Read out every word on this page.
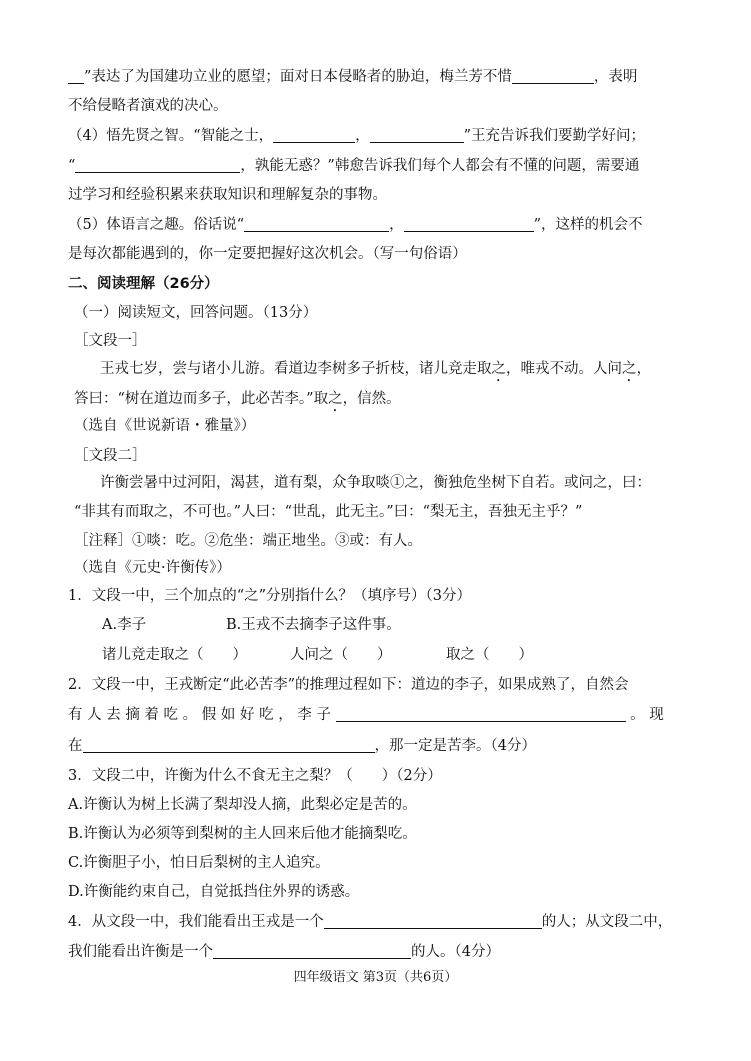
”表达了为国建功立业的愿望；面对日本侵略者的胁迫，梅兰芳不惜	，表明
不给侵略者演戏的决心。
（4）悟先贤之智。“智能之士，	，	”王充告诉我们要勤学好问；
“	，孰能无惑？”韩愈告诉我们每个人都会有不懂的问题，需要通
过学习和经验积累来获取知识和理解复杂的事物。
（5）体语言之趣。俗话说“	，	”，这样的机会不
是每次都能遇到的，你一定要把握好这次机会。（写一句俗语）
二、阅读理解（26分）
（一）阅读短文，回答问题。（13分）
［文段一］
王戎七岁，尝与诸小儿游。看道边李树多子折枝，诸儿竞走取之，唯戎不动。人问之，
答曰：“树在道边而多子，此必苦李。”取之，信然。
（选自《世说新语・雅量》）
［文段二］
许衡尝暑中过河阳，渴甚，道有梨，众争取啖①之，衡独危坐树下自若。或问之，曰：
“非其有而取之，不可也。”人曰：“世乱，此无主。”曰：“梨无主，吾独无主乎？”
［注释］①啖：吃。②危坐：端正地坐。③或：有人。
（选自《元史·许衡传》）
1．文段一中，三个加点的“之”分别指什么？（填序号）（3分）
A.李子	B.王戎不去摘李子这件事。
诸儿竞走取之（　　）	人问之（　　）	取之（　　）
2．文段一中，王戎断定“此必苦李”的推理过程如下：道边的李子，如果成熟了，自然会
有 人 去 摘 着 吃 。 假 如 好 吃 ， 李 子	。 现
在	，那一定是苦李。（4分）
3．文段二中，许衡为什么不食无主之梨？（　　）（2分）
A.许衡认为树上长满了梨却没人摘，此梨必定是苦的。
B.许衡认为必须等到梨树的主人回来后他才能摘梨吃。
C.许衡胆子小，怕日后梨树的主人追究。
D.许衡能约束自己，自觉抵挡住外界的诱惑。
4．从文段一中，我们能看出王戎是一个	的人；从文段二中，
我们能看出许衡是一个	的人。（4分）
四年级语文 第3页（共6页）
